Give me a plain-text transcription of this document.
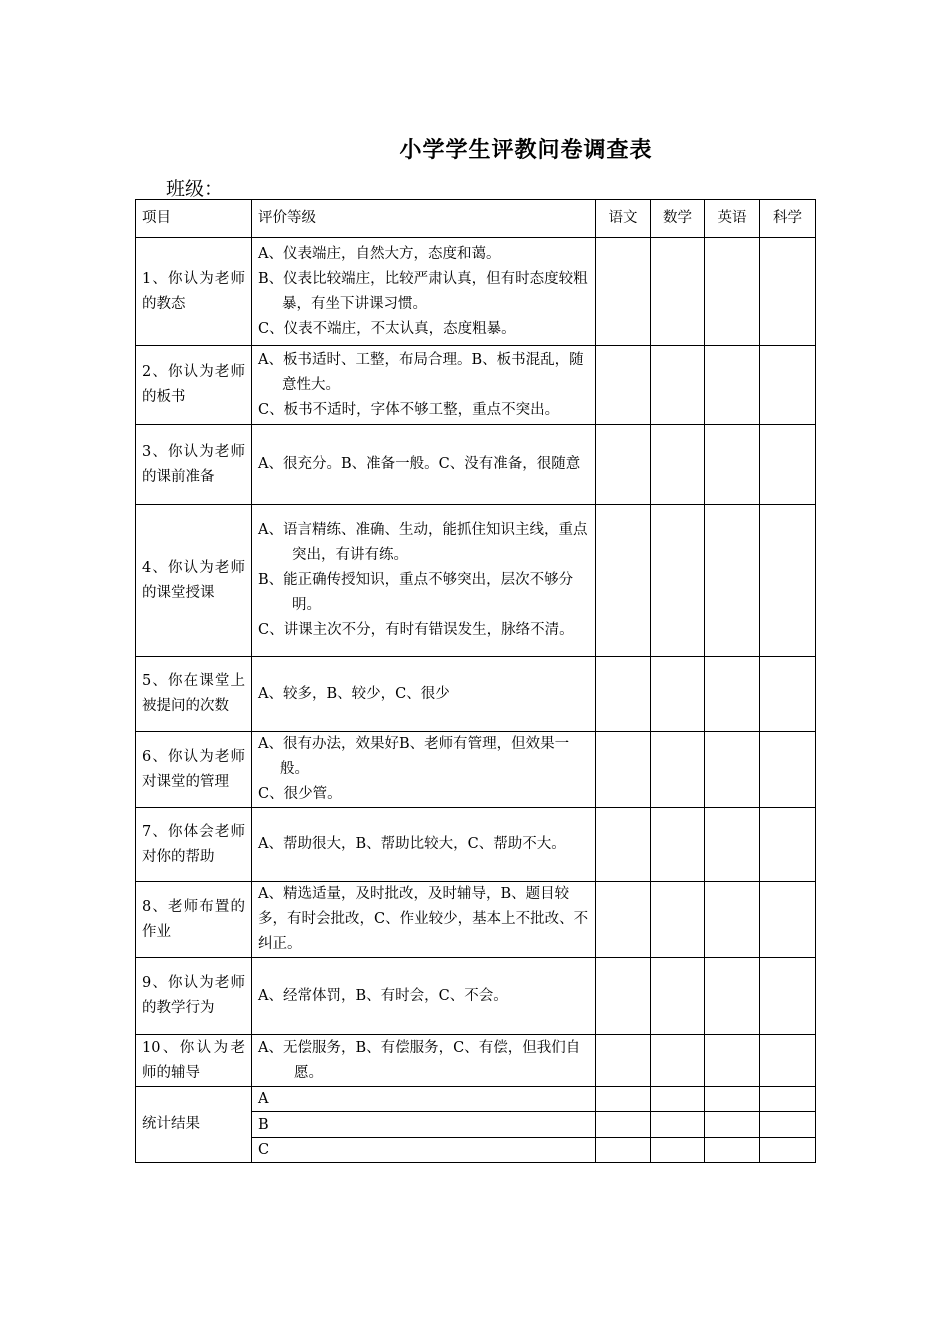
小学学生评教问卷调查表
班级：
项目	评价等级	语文	数学	英语	科学
1、你认为老师的教态	A、仪表端庄，自然大方，态度和蔼。
B、仪表比较端庄，比较严肃认真，但有时态度较粗暴，有坐下讲课习惯。
C、仪表不端庄，不太认真，态度粗暴。				

2、你认为老师的板书	A、板书适时、工整，布局合理。B、板书混乱，随意性大。
C、板书不适时，字体不够工整，重点不突出。				

3、你认为老师的课前准备	A、很充分。B、准备一般。C、没有准备，很随意				

4、你认为老师的课堂授课	A、语言精练、准确、生动，能抓住知识主线，重点突出，有讲有练。
B、能正确传授知识，重点不够突出，层次不够分明。
C、讲课主次不分，有时有错误发生，脉络不清。				

5、你在课堂上被提问的次数	A、较多，B、较少，C、很少				

6、你认为老师对课堂的管理	A、很有办法，效果好B、老师有管理，但效果一般。
C、很少管。				

7、你体会老师对你的帮助	A、帮助很大，B、帮助比较大，C、帮助不大。				

8、老师布置的作业	A、精选适量，及时批改，及时辅导，B、题目较多，有时会批改，C、作业较少，基本上不批改、不纠正。				

9、你认为老师的教学行为	A、经常体罚，B、有时会，C、不会。				

10、你认为老师的辅导	A、无偿服务，B、有偿服务，C、有偿，但我们自愿。				

统计结果	A				
	B				
	C				
